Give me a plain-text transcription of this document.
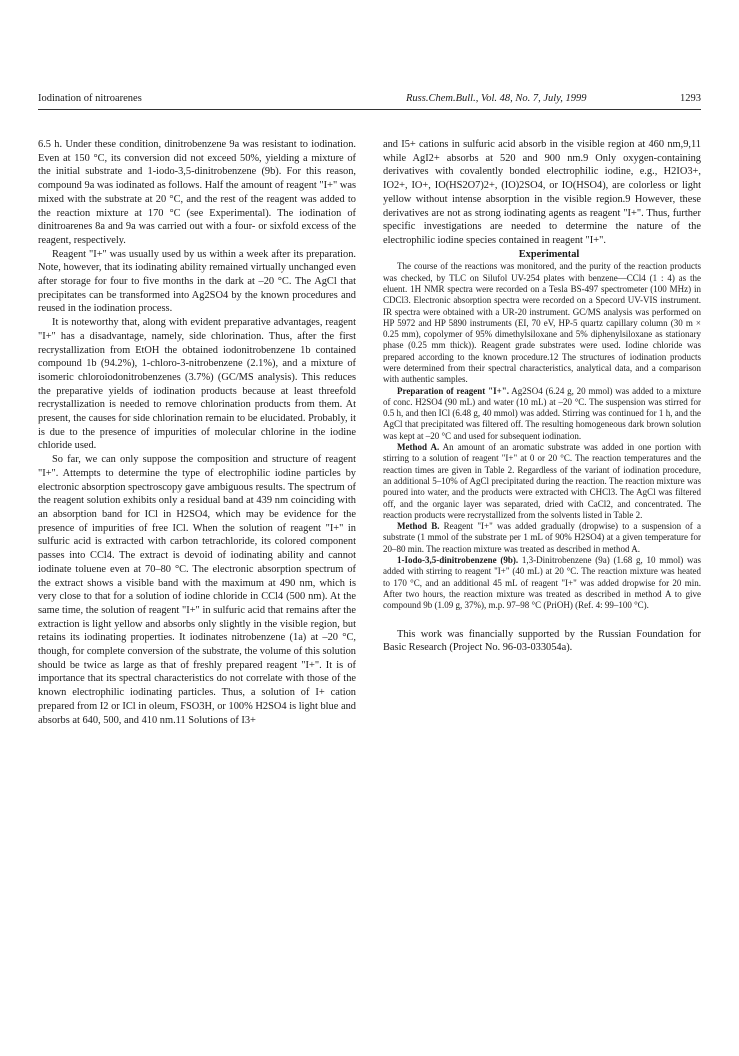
Iodination of nitroarenes	Russ.Chem.Bull., Vol. 48, No. 7, July, 1999	1293

6.5 h. Under these condition, dinitrobenzene 9a was resistant to iodination. Even at 150 °C, its conversion did not exceed 50%, yielding a mixture of the initial substrate and 1-iodo-3,5-dinitrobenzene (9b). For this reason, compound 9a was iodinated as follows. Half the amount of reagent "I+" was mixed with the substrate at 20 °C, and the rest of the reagent was added to the reaction mixture at 170 °C (see Experimental). The iodination of dinitroarenes 8a and 9a was carried out with a four- or sixfold excess of the reagent, respectively.

Reagent "I+" was usually used by us within a week after its preparation. Note, however, that its iodinating ability remained virtually unchanged even after storage for four to five months in the dark at –20 °C. The AgCl that precipitates can be transformed into Ag2SO4 by the known procedures and reused in the iodination process.

It is noteworthy that, along with evident preparative advantages, reagent "I+" has a disadvantage, namely, side chlorination. Thus, after the first recrystallization from EtOH the obtained iodonitrobenzene 1b contained compound 1b (94.2%), 1-chloro-3-nitrobenzene (2.1%), and a mixture of isomeric chloroiodonitrobenzenes (3.7%) (GC/MS analysis). This reduces the preparative yields of iodination products because at least threefold recrystallization is needed to remove chlorination products from them. At present, the causes for side chlorination remain to be elucidated. Probably, it is due to the presence of impurities of molecular chlorine in the iodine chloride used.

So far, we can only suppose the composition and structure of reagent "I+". Attempts to determine the type of electrophilic iodine particles by electronic absorption spectroscopy gave ambiguous results. The spectrum of the reagent solution exhibits only a residual band at 439 nm coinciding with an absorption band for ICl in H2SO4, which may be evidence for the presence of impurities of free ICl. When the solution of reagent "I+" in sulfuric acid is extracted with carbon tetrachloride, its colored component passes into CCl4. The extract is devoid of iodinating ability and cannot iodinate toluene even at 70–80 °C. The electronic absorption spectrum of the extract shows a visible band with the maximum at 490 nm, which is very close to that for a solution of iodine chloride in CCl4 (500 nm). At the same time, the solution of reagent "I+" in sulfuric acid that remains after the extraction is light yellow and absorbs only slightly in the visible region, but retains its iodinating properties. It iodinates nitrobenzene (1a) at –20 °C, though, for complete conversion of the substrate, the volume of this solution should be twice as large as that of freshly prepared reagent "I+". It is of importance that its spectral characteristics do not correlate with those of the known electrophilic iodinating particles. Thus, a solution of I+ cation prepared from I2 or ICl in oleum, FSO3H, or 100% H2SO4 is light blue and absorbs at 640, 500, and 410 nm.11 Solutions of I3+

and I5+ cations in sulfuric acid absorb in the visible region at 460 nm,9,11 while AgI2+ absorbs at 520 and 900 nm.9 Only oxygen-containing derivatives with covalently bonded electrophilic iodine, e.g., H2IO3+, IO2+, IO+, IO(HS2O7)2+, (IO)2SO4, or IO(HSO4), are colorless or light yellow without intense absorption in the visible region.9 However, these derivatives are not as strong iodinating agents as reagent "I+". Thus, further specific investigations are needed to determine the nature of the electrophilic iodine species contained in reagent "I+".

Experimental

The course of the reactions was monitored, and the purity of the reaction products was checked, by TLC on Silufol UV-254 plates with benzene—CCl4 (1 : 4) as the eluent. 1H NMR spectra were recorded on a Tesla BS-497 spectrometer (100 MHz) in CDCl3. Electronic absorption spectra were recorded on a Specord UV-VIS instrument. IR spectra were obtained with a UR-20 instrument. GC/MS analysis was performed on HP 5972 and HP 5890 instruments (EI, 70 eV, HP-5 quartz capillary column (30 m × 0.25 mm), copolymer of 95% dimethylsiloxane and 5% diphenylsiloxane as stationary phase (0.25 mm thick)). Reagent grade substrates were used. Iodine chloride was prepared according to the known procedure.12 The structures of iodination products were determined from their spectral characteristics, analytical data, and a comparison with authentic samples.

Preparation of reagent "I+". Ag2SO4 (6.24 g, 20 mmol) was added to a mixture of conc. H2SO4 (90 mL) and water (10 mL) at –20 °C. The suspension was stirred for 0.5 h, and then ICl (6.48 g, 40 mmol) was added. Stirring was continued for 1 h, and the AgCl that precipitated was filtered off. The resulting homogeneous dark brown solution was kept at –20 °C and used for subsequent iodination.

Method A. An amount of an aromatic substrate was added in one portion with stirring to a solution of reagent "I+" at 0 or 20 °C. The reaction temperatures and the reaction times are given in Table 2. Regardless of the variant of iodination procedure, an additional 5–10% of AgCl precipitated during the reaction. The reaction mixture was poured into water, and the products were extracted with CHCl3. The AgCl was filtered off, and the organic layer was separated, dried with CaCl2, and concentrated. The reaction products were recrystallized from the solvents listed in Table 2.

Method B. Reagent "I+" was added gradually (dropwise) to a suspension of a substrate (1 mmol of the substrate per 1 mL of 90% H2SO4) at a given temperature for 20–80 min. The reaction mixture was treated as described in method A.

1-Iodo-3,5-dinitrobenzene (9b). 1,3-Dinitrobenzene (9a) (1.68 g, 10 mmol) was added with stirring to reagent "I+" (40 mL) at 20 °C. The reaction mixture was heated to 170 °C, and an additional 45 mL of reagent "I+" was added dropwise for 20 min. After two hours, the reaction mixture was treated as described in method A to give compound 9b (1.09 g, 37%), m.p. 97–98 °C (PriOH) (Ref. 4: 99–100 °C).

This work was financially supported by the Russian Foundation for Basic Research (Project No. 96-03-033054a).
